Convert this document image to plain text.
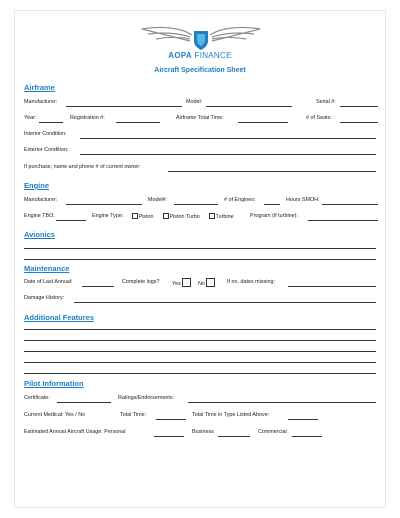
AOPA FINANCE
Aircraft Specification Sheet
Airframe
Manufacturer:	Model:	Serial #:
Year:	Registration #:	Airframe Total Time:	# of Seats:
Interior Condition:
Exterior Condition:
If purchase, name and phone # of current owner:
Engine
Manufacturer:	Model#:	# of Engines:	Hours SMOH:
Engine TBO:	Engine Type:	Piston	Piston Turbo	Turbine	Program (if turbine):
Avionics
Maintenance
Date of Last Annual:	Complete logs? Yes	No	If no, dates missing:
Damage History:
Additional Features
Pilot Information
Certificate:	Ratings/Endorsements:
Current Medical: Yes / No	Total Time:	Total Time in Type Listed Above:
Estimated Annual Aircraft Usage: Personal	Business	Commercial
